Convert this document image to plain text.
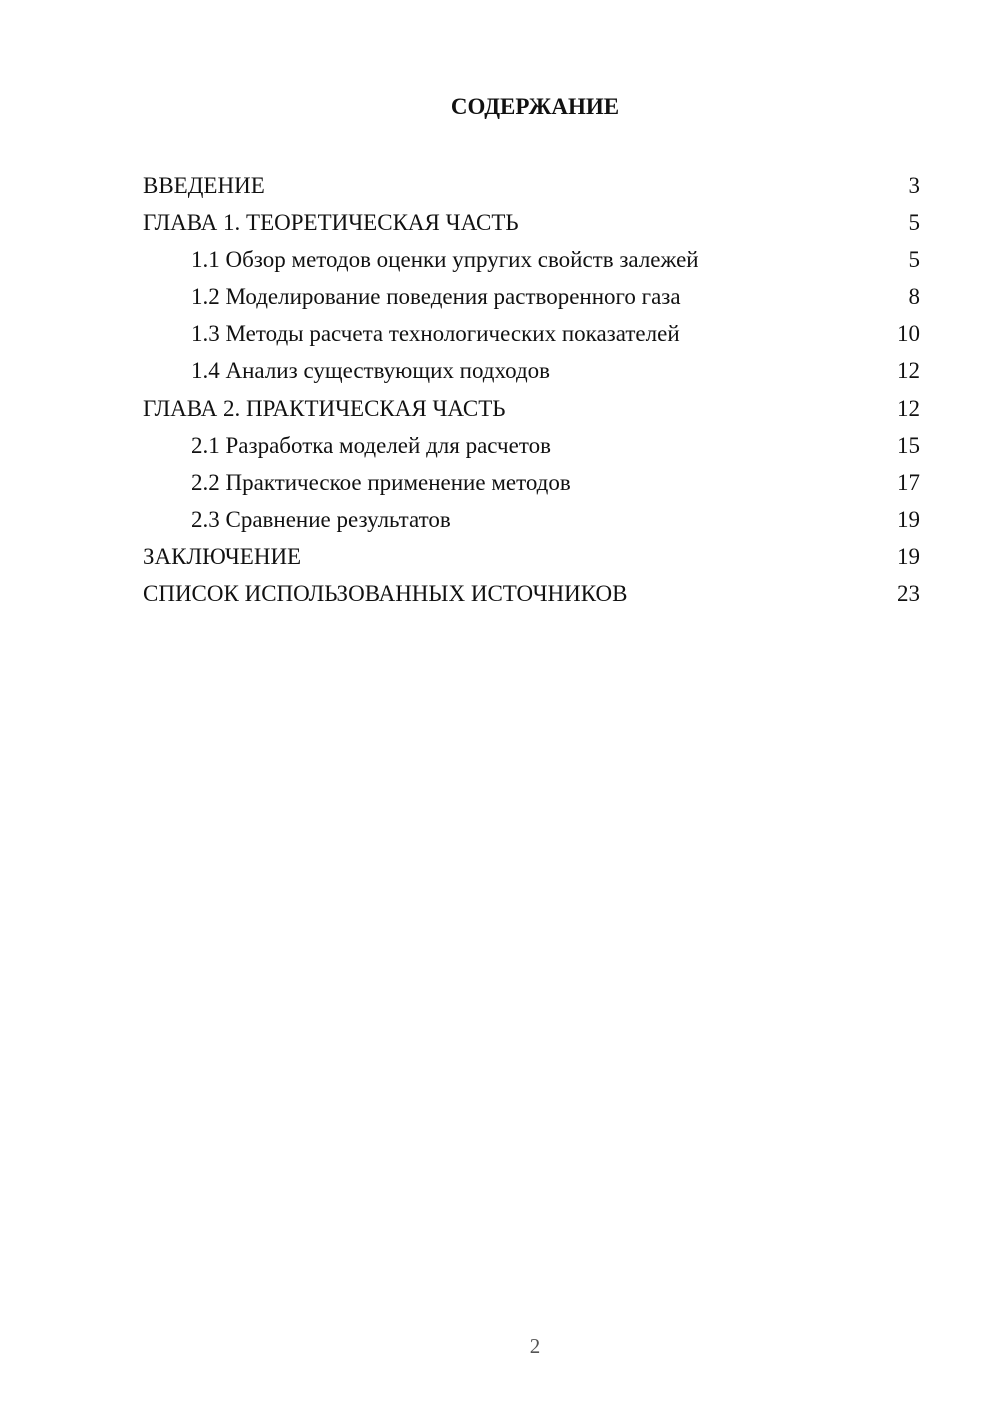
СОДЕРЖАНИЕ
ВВЕДЕНИЕ	3
ГЛАВА 1. ТЕОРЕТИЧЕСКАЯ ЧАСТЬ	5
1.1 Обзор методов оценки упругих свойств залежей	5
1.2 Моделирование поведения растворенного газа	8
1.3 Методы расчета технологических показателей	10
1.4 Анализ существующих подходов	12
ГЛАВА 2. ПРАКТИЧЕСКАЯ ЧАСТЬ	12
2.1 Разработка моделей для расчетов	15
2.2 Практическое применение методов	17
2.3 Сравнение результатов	19
ЗАКЛЮЧЕНИЕ	19
СПИСОК ИСПОЛЬЗОВАННЫХ ИСТОЧНИКОВ	23
2
